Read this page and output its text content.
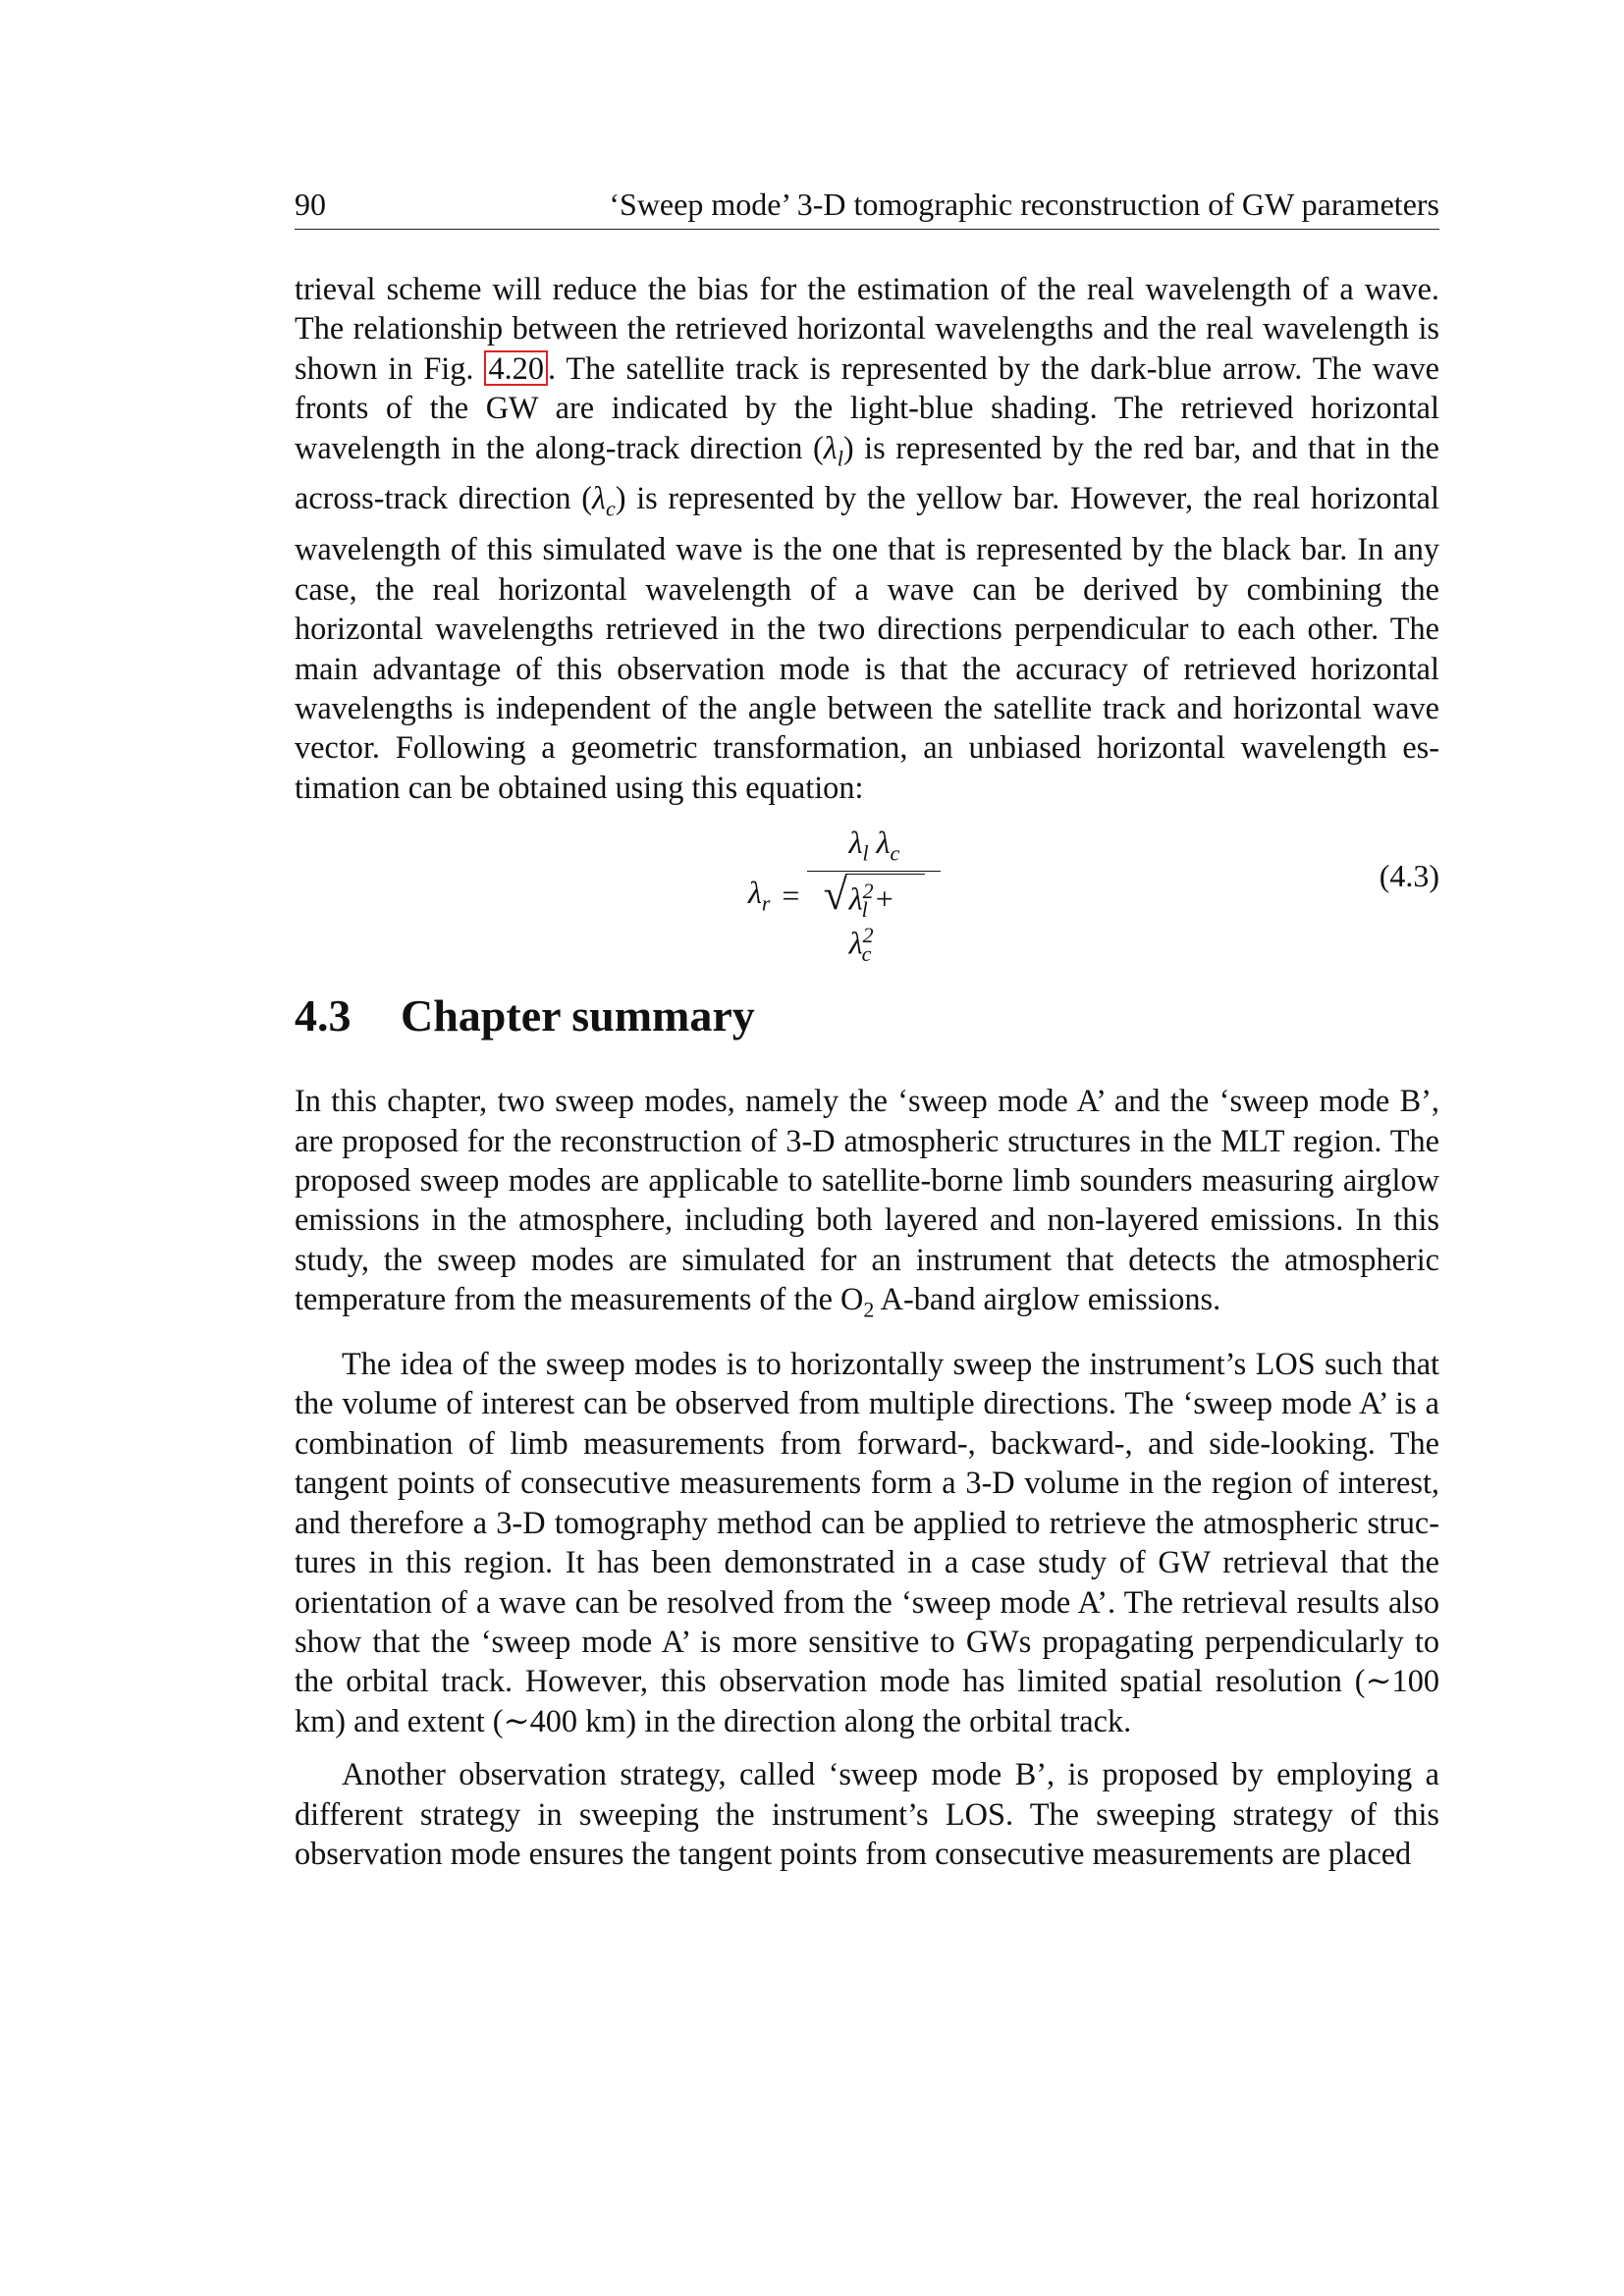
90	‘Sweep mode’ 3-D tomographic reconstruction of GW parameters

trieval scheme will reduce the bias for the estimation of the real wavelength of a wave. The relationship between the retrieved horizontal wavelengths and the real wavelength is shown in Fig. 4.20 . The satellite track is represented by the dark-blue arrow. The wave fronts of the GW are indicated by the light-blue shading. The retrieved horizontal wavelength in the along-track direction $(\lambda_l)$ is represented by the red bar, and that in the across-track direction $(\lambda_c)$ is represented by the yellow bar. However, the real horizontal wavelength of this simulated wave is the one that is represented by the black bar. In any case, the real horizontal wavelength of a wave can be derived by combining the horizontal wavelengths retrieved in the two directions perpendicular to each other. The main advantage of this observation mode is that the accuracy of retrieved horizontal wavelengths is independent of the angle between the satellite track and horizontal wave vector. Following a geometric transformation, an unbiased horizontal wavelength estimation can be obtained using this equation:

$\lambda_r = \frac{\lambda_l \lambda_c}{√ \lambda^2_l + \lambda^2_c}$	(4.3)
4.3	Chapter summary

In this chapter, two sweep modes, namely the ‘sweep mode A’ and the ‘sweep mode B’, are proposed for the reconstruction of 3-D atmospheric structures in the MLT region. The proposed sweep modes are applicable to satellite-borne limb sounders measuring airglow emissions in the atmosphere, including both layered and non-layered emissions. In this study, the sweep modes are simulated for an instrument that detects the atmospheric temperature from the measurements of the $O_2$ A-band airglow emissions.

The idea of the sweep modes is to horizontally sweep the instrument’s LOS such that the volume of interest can be observed from multiple directions. The ‘sweep mode A’ is a combination of limb measurements from forward-, backward-, and side-looking. The tangent points of consecutive measurements form a 3-D volume in the region of interest, and therefore a 3-D tomography method can be applied to retrieve the atmospheric structures in this region. It has been demonstrated in a case study of GW retrieval that the orientation of a wave can be resolved from the ‘sweep mode A’. The retrieval results also show that the ‘sweep mode A’ is more sensitive to GWs propagating perpendicularly to the orbital track. However, this observation mode has limited spatial resolution (∼100 km) and extent (∼400 km) in the direction along the orbital track.

Another observation strategy, called ‘sweep mode B’, is proposed by employing a different strategy in sweeping the instrument’s LOS. The sweeping strategy of this observation mode ensures the tangent points from consecutive measurements are placed
